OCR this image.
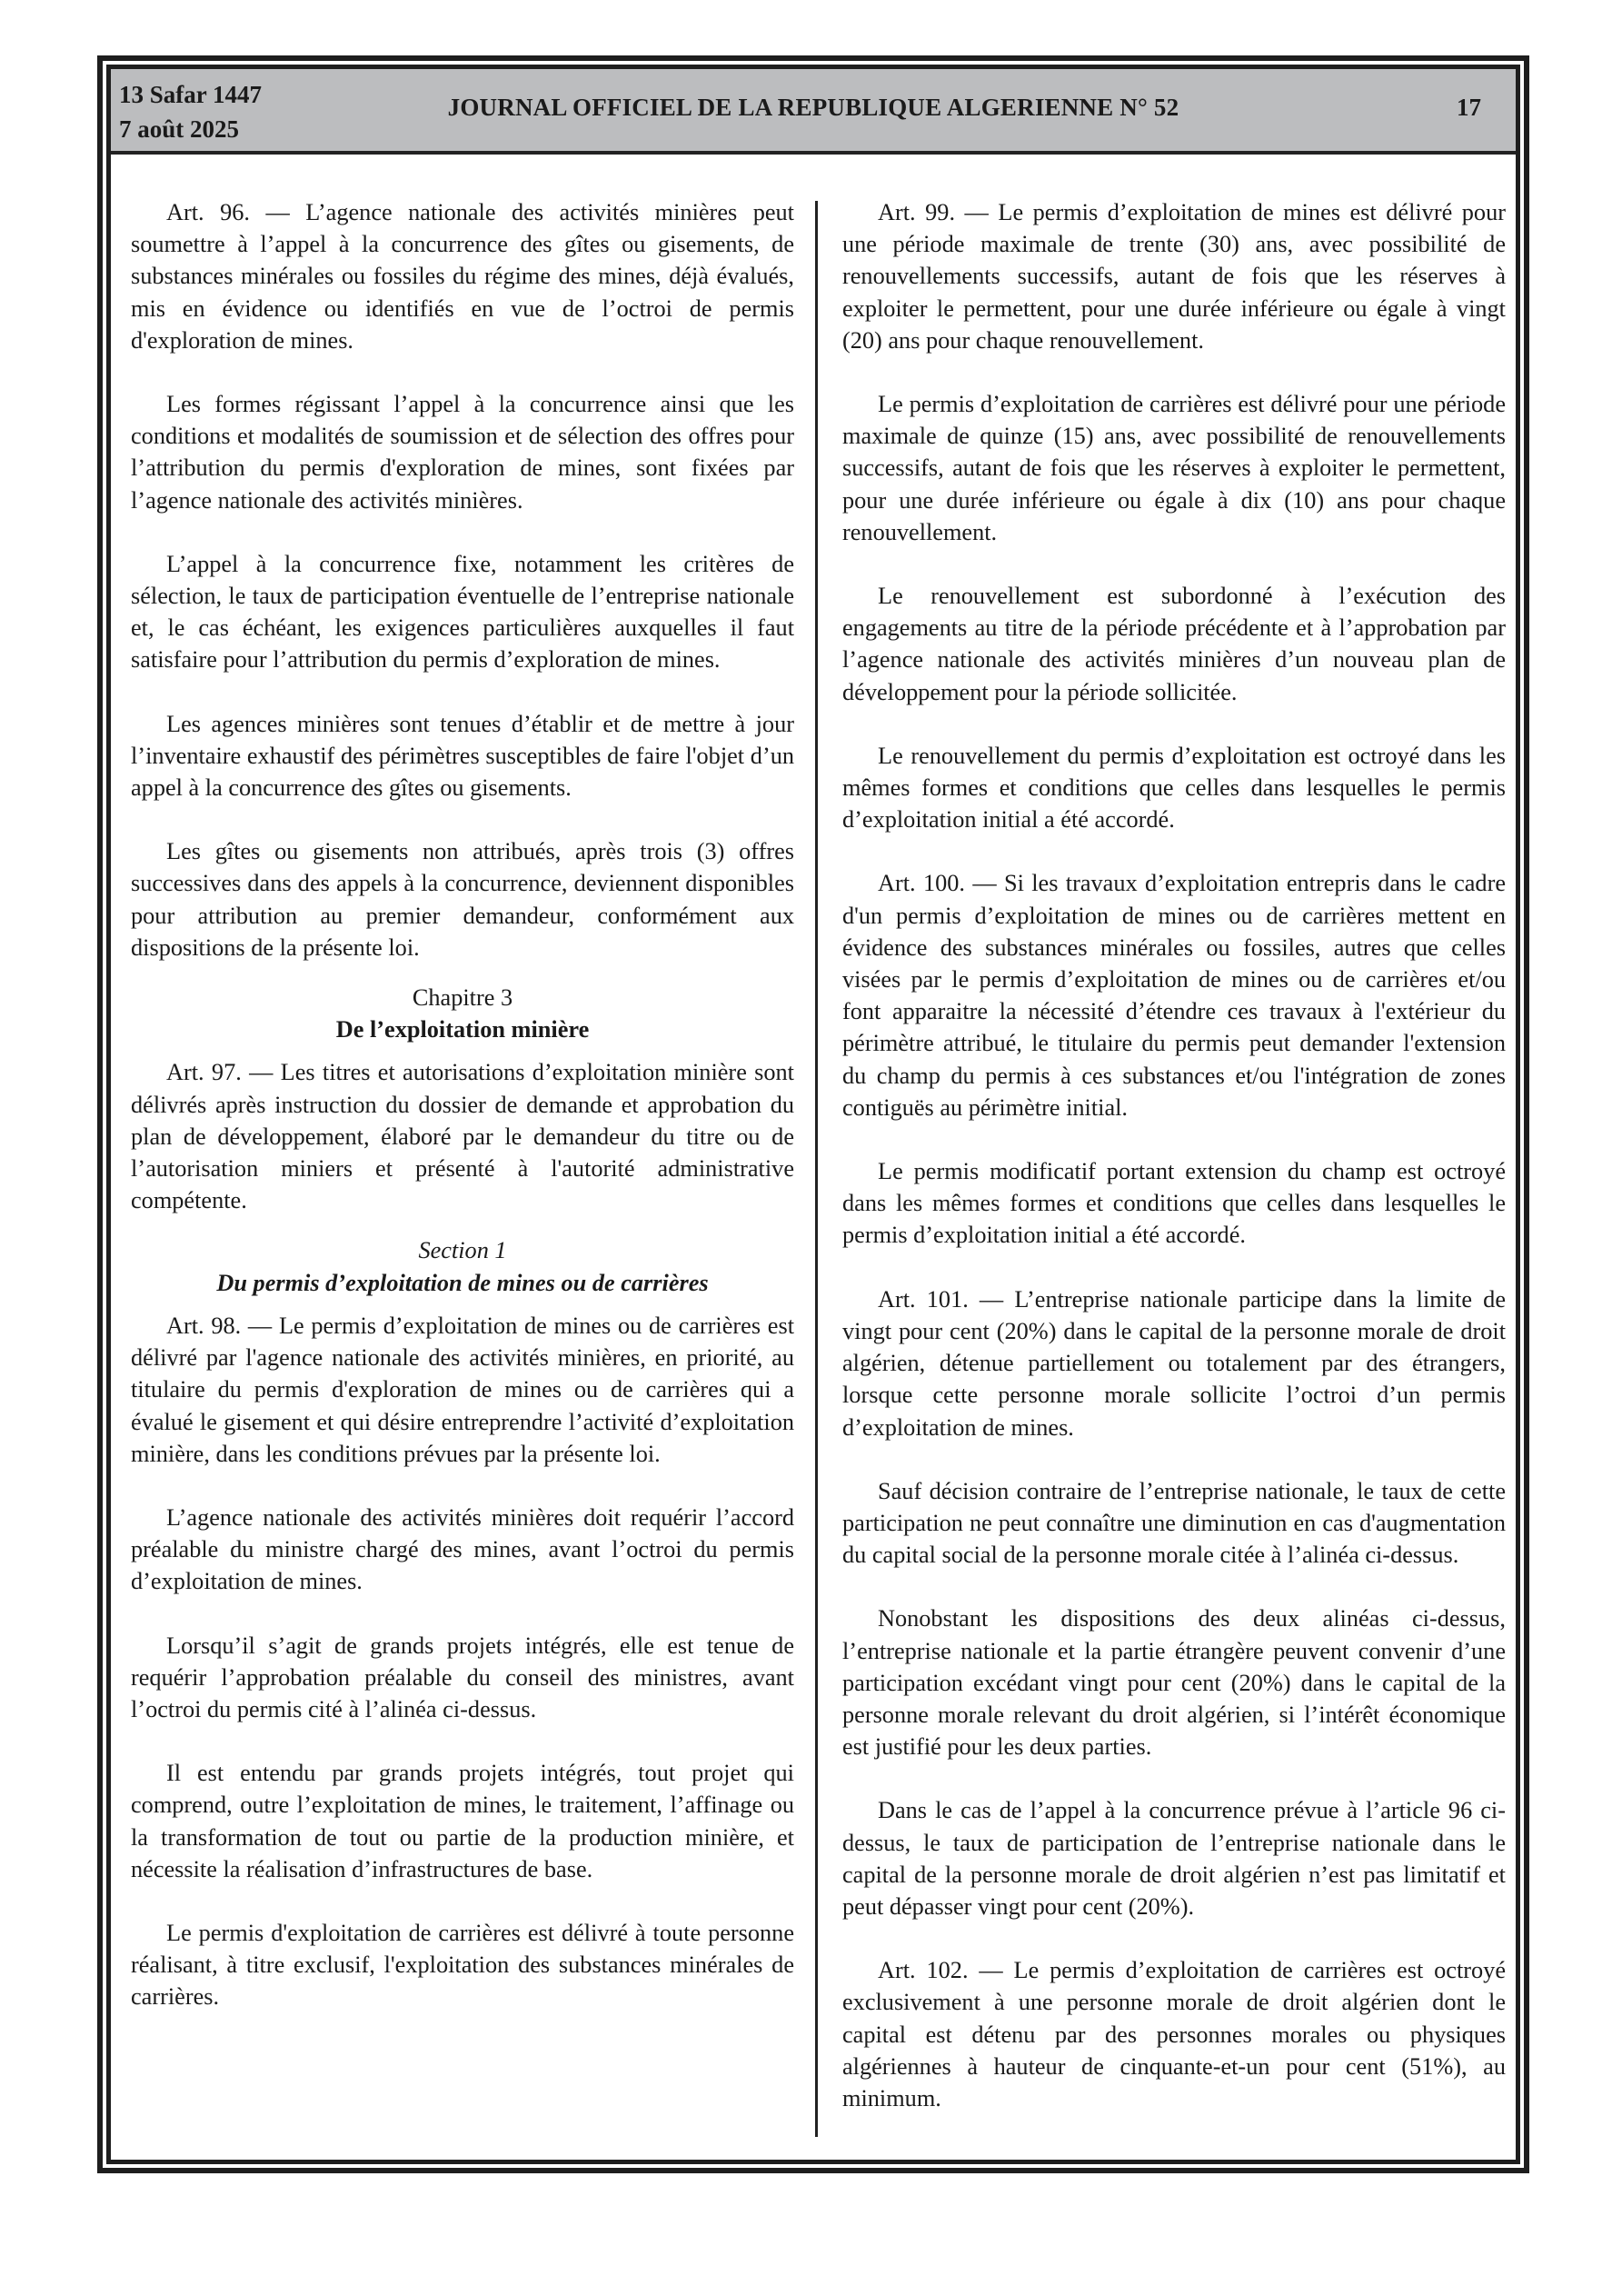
13 Safar 1447
7 août 2025
JOURNAL OFFICIEL DE LA REPUBLIQUE ALGERIENNE N° 52	17

Art. 96. — L’agence nationale des activités minières peut soumettre à l’appel à la concurrence des gîtes ou gisements, de substances minérales ou fossiles du régime des mines, déjà évalués, mis en évidence ou identifiés en vue de l’octroi de permis d'exploration de mines.

Les formes régissant l’appel à la concurrence ainsi que les conditions et modalités de soumission et de sélection des offres pour l’attribution du permis d'exploration de mines, sont fixées par l’agence nationale des activités minières.

L’appel à la concurrence fixe, notamment les critères de sélection, le taux de participation éventuelle de l’entreprise nationale et, le cas échéant, les exigences particulières auxquelles il faut satisfaire pour l’attribution du permis d’exploration de mines.

Les agences minières sont tenues d’établir et de mettre à jour l’inventaire exhaustif des périmètres susceptibles de faire l'objet d’un appel à la concurrence des gîtes ou gisements.

Les gîtes ou gisements non attribués, après trois (3) offres successives dans des appels à la concurrence, deviennent disponibles pour attribution au premier demandeur, conformément aux dispositions de la présente loi.

Chapitre 3
De l’exploitation minière

Art. 97. — Les titres et autorisations d’exploitation minière sont délivrés après instruction du dossier de demande et approbation du plan de développement, élaboré par le demandeur du titre ou de l’autorisation miniers et présenté à l'autorité administrative compétente.

Section 1
Du permis d’exploitation de mines ou de carrières

Art. 98. — Le permis d’exploitation de mines ou de carrières est délivré par l'agence nationale des activités minières, en priorité, au titulaire du permis d'exploration de mines ou de carrières qui a évalué le gisement et qui désire entreprendre l’activité d’exploitation minière, dans les conditions prévues par la présente loi.

L’agence nationale des activités minières doit requérir l’accord préalable du ministre chargé des mines, avant l’octroi du permis d’exploitation de mines.

Lorsqu’il s’agit de grands projets intégrés, elle est tenue de requérir l’approbation préalable du conseil des ministres, avant l’octroi du permis cité à l’alinéa ci-dessus.

Il est entendu par grands projets intégrés, tout projet qui comprend, outre l’exploitation de mines, le traitement, l’affinage ou la transformation de tout ou partie de la production minière, et nécessite la réalisation d’infrastructures de base.

Le permis d'exploitation de carrières est délivré à toute personne réalisant, à titre exclusif, l'exploitation des substances minérales de carrières.

Art. 99. — Le permis d’exploitation de mines est délivré pour une période maximale de trente (30) ans, avec possibilité de renouvellements successifs, autant de fois que les réserves à exploiter le permettent, pour une durée inférieure ou égale à vingt (20) ans pour chaque renouvellement.

Le permis d’exploitation de carrières est délivré pour une période maximale de quinze (15) ans, avec possibilité de renouvellements successifs, autant de fois que les réserves à exploiter le permettent, pour une durée inférieure ou égale à dix (10) ans pour chaque renouvellement.

Le renouvellement est subordonné à l’exécution des engagements au titre de la période précédente et à l’approbation par l’agence nationale des activités minières d’un nouveau plan de développement pour la période sollicitée.

Le renouvellement du permis d’exploitation est octroyé dans les mêmes formes et conditions que celles dans lesquelles le permis d’exploitation initial a été accordé.

Art. 100. — Si les travaux d’exploitation entrepris dans le cadre d'un permis d’exploitation de mines ou de carrières mettent en évidence des substances minérales ou fossiles, autres que celles visées par le permis d’exploitation de mines ou de carrières et/ou font apparaitre la nécessité d’étendre ces travaux à l'extérieur du périmètre attribué, le titulaire du permis peut demander l'extension du champ du permis à ces substances et/ou l'intégration de zones contiguës au périmètre initial.

Le permis modificatif portant extension du champ est octroyé dans les mêmes formes et conditions que celles dans lesquelles le permis d’exploitation initial a été accordé.

Art. 101. — L’entreprise nationale participe dans la limite de vingt pour cent (20%) dans le capital de la personne morale de droit algérien, détenue partiellement ou totalement par des étrangers, lorsque cette personne morale sollicite l’octroi d’un permis d’exploitation de mines.

Sauf décision contraire de l’entreprise nationale, le taux de cette participation ne peut connaître une diminution en cas d'augmentation du capital social de la personne morale citée à l’alinéa ci-dessus.

Nonobstant les dispositions des deux alinéas ci-dessus, l’entreprise nationale et la partie étrangère peuvent convenir d’une participation excédant vingt pour cent (20%) dans le capital de la personne morale relevant du droit algérien, si l’intérêt économique est justifié pour les deux parties.

Dans le cas de l’appel à la concurrence prévue à l’article 96 ci-dessus, le taux de participation de l’entreprise nationale dans le capital de la personne morale de droit algérien n’est pas limitatif et peut dépasser vingt pour cent (20%).

Art. 102. — Le permis d’exploitation de carrières est octroyé exclusivement à une personne morale de droit algérien dont le capital est détenu par des personnes morales ou physiques algériennes à hauteur de cinquante-et-un pour cent (51%), au minimum.
